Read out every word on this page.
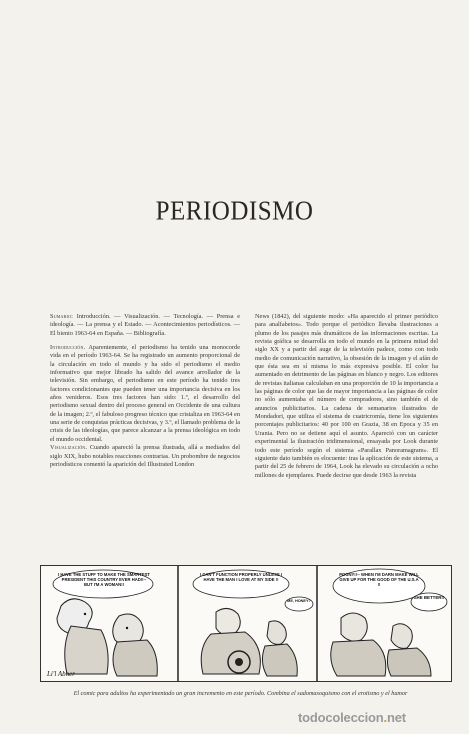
PERIODISMO

Sumario: Introducción. — Visualización. — Tecnología. — Prensa e ideología. — La prensa y el Estado. — Acontecimientos periodísticos. — El bienio 1963-64 en España. — Bibliografía.

Introducción. Aparentemente, el periodismo ha tenido una monocorde vida en el período 1963-64. Se ha registrado un aumento proporcional de la circulación en todo el mundo y ha sido el periodismo el medio informativo que mejor librado ha salido del avance arrollador de la televisión. Sin embargo, el periodismo en este período ha tenido tres factores condicionantes que pueden tener una importancia decisiva en los años venideros. Esos tres factores han sido: 1.º, el desarrollo del periodismo sexual dentro del proceso general en Occidente de una cultura de la imagen; 2.º, el fabuloso progreso técnico que cristaliza en 1963-64 en una serie de conquistas prácticas decisivas, y 3.º, el llamado problema de la crisis de las ideologías, que parece alcanzar a la prensa ideológica en todo el mundo occidental.

Visualización. Cuando apareció la prensa ilustrada, allá a mediados del siglo XIX, hubo notables reacciones contrarias. Un probombre de negocios periodísticos comentó la aparición del Illustrated London

News (1842), del siguiente modo: «Ha aparecido el primer periódico para analfabetos». Todo porque el periódico llevaba ilustraciones a plumo de los pasajes más dramáticos de las informaciones escritas. La revista gráfica se desarrolla en todo el mundo en la primera mitad del siglo XX y a partir del auge de la televisión padece, como con todo medio de comunicación narrativo, la obsesión de la imagen y el afán de que ésta sea en sí misma lo más expresiva posible. El color ha aumentado en detrimento de las páginas en blanco y negro. Los editores de revistas italianas calculaban en una proporción de 10 la importancia a las páginas de color que las de mayor importancia a las páginas de color no sólo aumentaba el número de compradores, sino también el de anuncios publicitarios. La cadena de semanarios ilustrados de Mondadori, que utiliza el sistema de cuatricromía, tiene los siguientes porcentajes publicitarios: 40 por 100 en Grazia, 38 en Epoca y 35 en Urania. Pero no se detiene aquí el asunto. Apareció con un carácter experimental la ilustración tridimensional, ensayada por Look durante todo este período según el sistema «Parallax Panoramagram». El siguiente dato también es elocuente: tras la aplicación de este sistema, a partir del 25 de febrero de 1964, Look ha elevado su circulación a ocho millones de ejemplares. Puede decirse que desde 1963 la revista

I HAVE THE STUFF TO MAKE THE SMARTEST PRESIDENT THIS COUNTRY EVER HAD!!-- BUT I'M A WOMAN!!
Li'l Abner
I CAN'T FUNCTION PROPERLY UNLESS I HAVE THE MAN I LOVE AT MY SIDE !!
ME, HONEY?
POGNY!!-- WHEN I'M DARN MAKE WILL GIVE UP FOR THE GOOD OF THE U.S.A !!
SHE BETTER!!
El comic para adultos ha experimentado un gran incremento en este período. Combina el sadomasoquismo con el erotismo y el humor
todocoleccion.net
